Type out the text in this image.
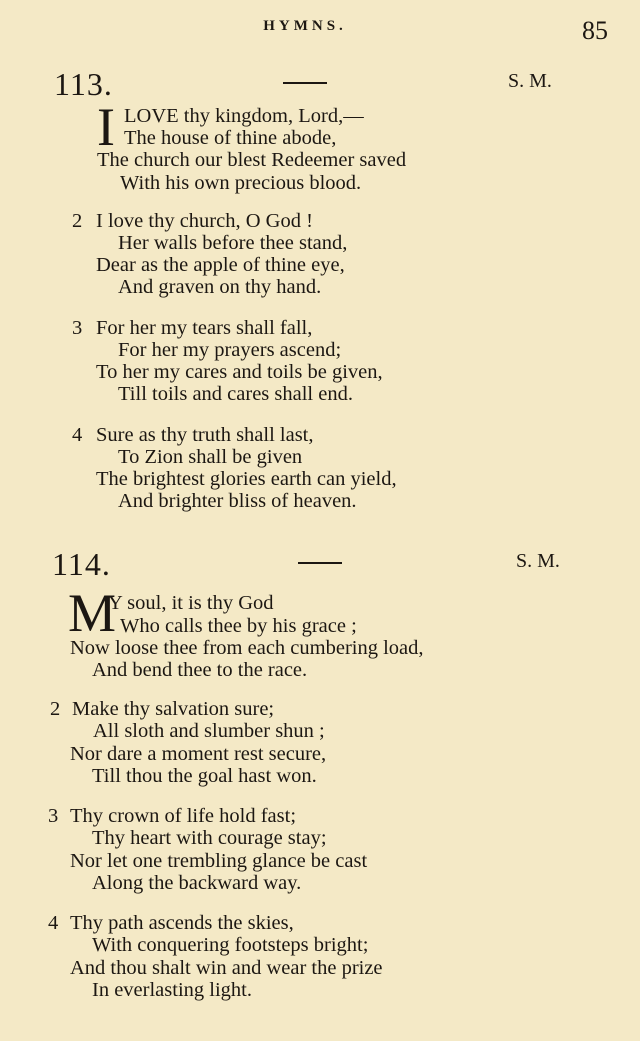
HYMNS.	85
113.	S. M.
I LOVE thy kingdom, Lord,—
The house of thine abode,
The church our blest Redeemer saved
With his own precious blood.
2 I love thy church, O God !
Her walls before thee stand,
Dear as the apple of thine eye,
And graven on thy hand.
3 For her my tears shall fall,
For her my prayers ascend;
To her my cares and toils be given,
Till toils and cares shall end.
4 Sure as thy truth shall last,
To Zion shall be given
The brightest glories earth can yield,
And brighter bliss of heaven.
114.	S. M.
M
Y soul, it is thy God
Who calls thee by his grace ;
Now loose thee from each cumbering load,
And bend thee to the race.
2 Make thy salvation sure;
All sloth and slumber shun ;
Nor dare a moment rest secure,
Till thou the goal hast won.
3 Thy crown of life hold fast;
Thy heart with courage stay;
Nor let one trembling glance be cast
Along the backward way.
4 Thy path ascends the skies,
With conquering footsteps bright;
And thou shalt win and wear the prize
In everlasting light.
